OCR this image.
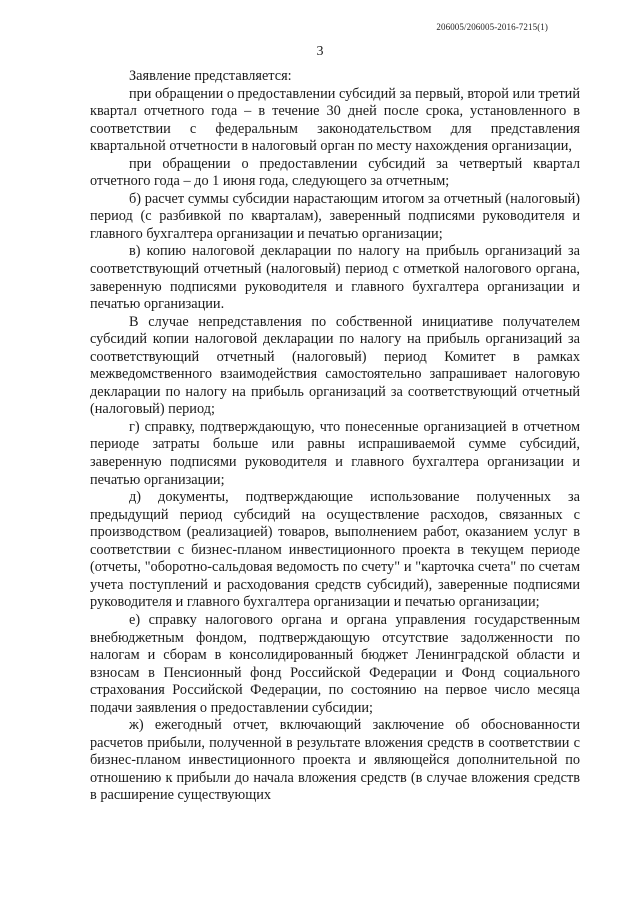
206005/206005-2016-7215(1)
3

Заявление представляется:

при обращении о предоставлении субсидий за первый, второй или третий квартал отчетного года – в течение 30 дней после срока, установленного в соответствии с федеральным законодательством для представления квартальной отчетности в налоговый орган по месту нахождения организации,

при обращении о предоставлении субсидий за четвертый квартал отчетного года – до 1 июня года, следующего за отчетным;

б) расчет суммы субсидии нарастающим итогом за отчетный (налоговый) период (с разбивкой по кварталам), заверенный подписями руководителя и главного бухгалтера организации и печатью организации;

в) копию налоговой декларации по налогу на прибыль организаций за соответствующий отчетный (налоговый) период с отметкой налогового органа, заверенную подписями руководителя и главного бухгалтера организации и печатью организации.

В случае непредставления по собственной инициативе получателем субсидий копии налоговой декларации по налогу на прибыль организаций за соответствующий отчетный (налоговый) период Комитет в рамках межведомственного взаимодействия самостоятельно запрашивает налоговую декларации по налогу на прибыль организаций за соответствующий отчетный (налоговый) период;

г) справку, подтверждающую, что понесенные организацией в отчетном периоде затраты больше или равны испрашиваемой сумме субсидий, заверенную подписями руководителя и главного бухгалтера организации и печатью организации;

д) документы, подтверждающие использование полученных за предыдущий период субсидий на осуществление расходов, связанных с производством (реализацией) товаров, выполнением работ, оказанием услуг в соответствии с бизнес-планом инвестиционного проекта в текущем периоде (отчеты, "оборотно-сальдовая ведомость по счету" и "карточка счета" по счетам учета поступлений и расходования средств субсидий), заверенные подписями руководителя и главного бухгалтера организации и печатью организации;

е) справку налогового органа и органа управления государственным внебюджетным фондом, подтверждающую отсутствие задолженности по налогам и сборам в консолидированный бюджет Ленинградской области и взносам в Пенсионный фонд Российской Федерации и Фонд социального страхования Российской Федерации, по состоянию на первое число месяца подачи заявления о предоставлении субсидии;

ж) ежегодный отчет, включающий заключение об обоснованности расчетов прибыли, полученной в результате вложения средств в соответствии с бизнес-планом инвестиционного проекта и являющейся дополнительной по отношению к прибыли до начала вложения средств (в случае вложения средств в расширение существующих
